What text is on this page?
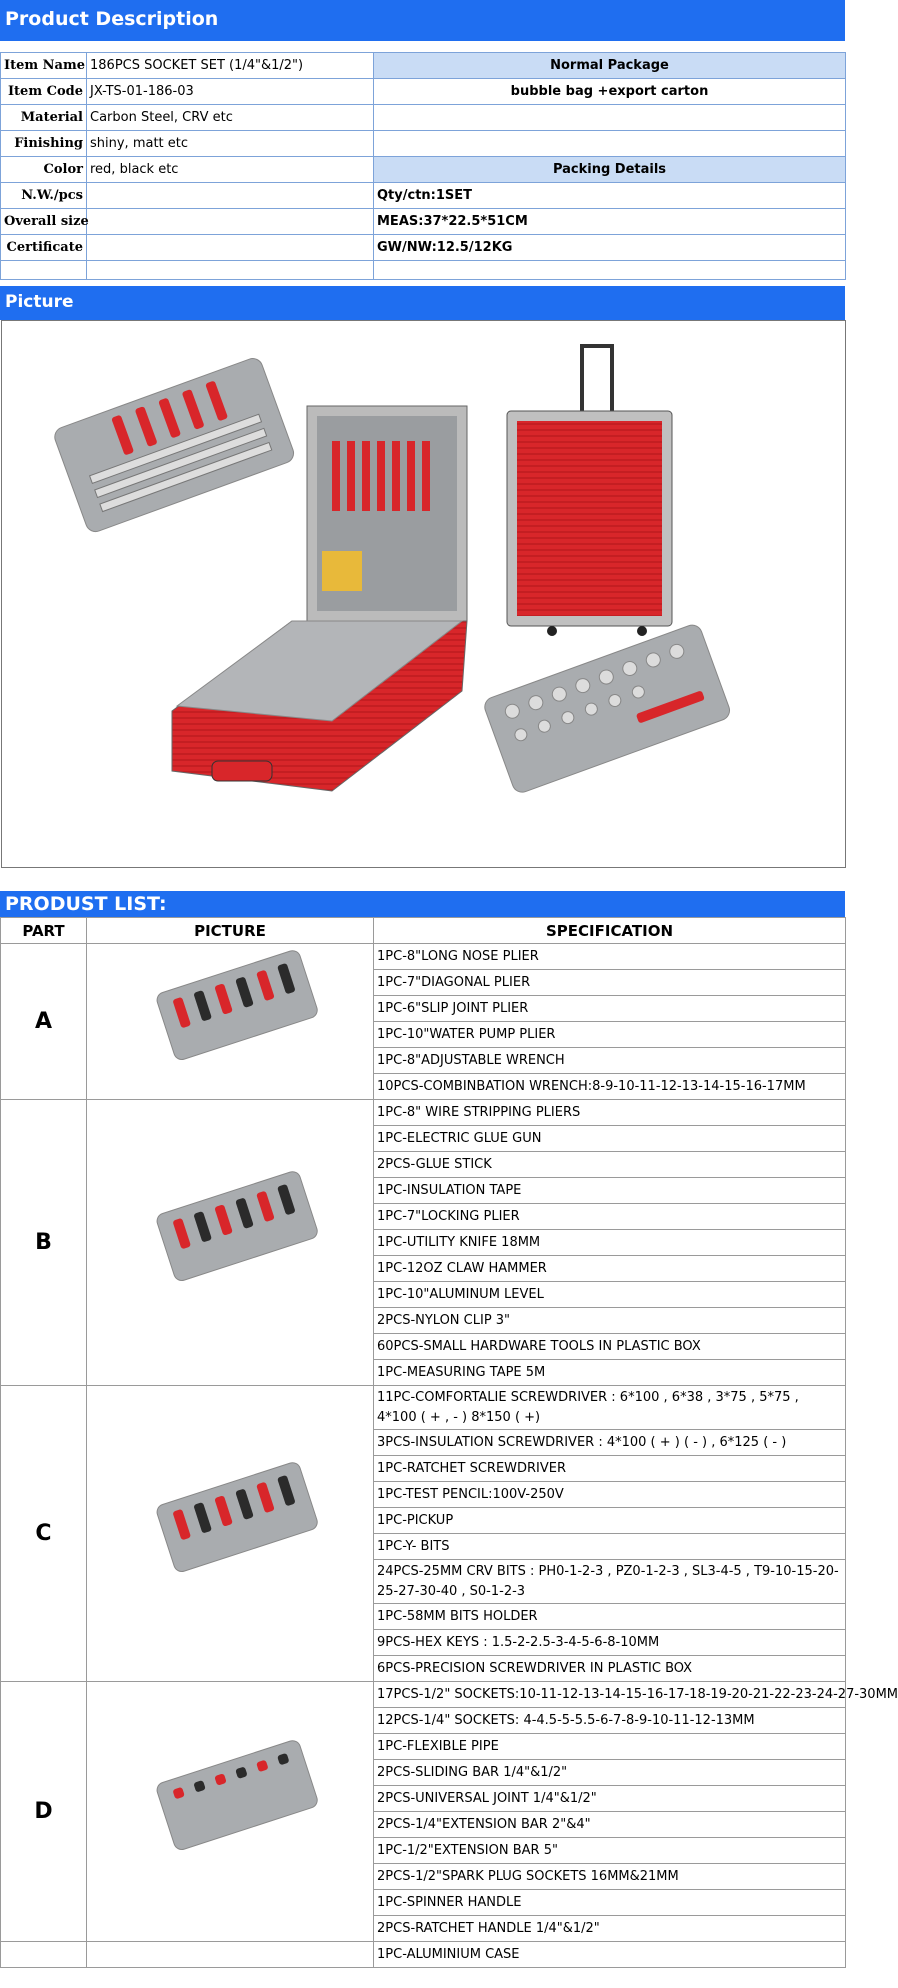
Product Description
Item Name	186PCS SOCKET SET (1/4"&1/2")	Normal Package
Item Code	JX-TS-01-186-03	bubble bag +export carton
Material	Carbon Steel, CRV etc	
Finishing	shiny, matt etc	
Color	red, black etc	Packing Details
N.W./pcs		Qty/ctn:1SET
Overall size		MEAS:37*22.5*51CM
Certificate		GW/NW:12.5/12KG

Picture
PRODUST LIST:
PART	PICTURE	SPECIFICATION
A		1PC-8"LONG NOSE PLIER
		1PC-7"DIAGONAL PLIER
		1PC-6"SLIP JOINT PLIER
		1PC-10"WATER PUMP PLIER
		1PC-8"ADJUSTABLE WRENCH
		10PCS-COMBINBATION WRENCH:8-9-10-11-12-13-14-15-16-17MM
B		1PC-8" WIRE STRIPPING PLIERS
		1PC-ELECTRIC GLUE GUN
		2PCS-GLUE STICK
		1PC-INSULATION TAPE
		1PC-7"LOCKING PLIER
		1PC-UTILITY KNIFE 18MM
		1PC-12OZ CLAW HAMMER
		1PC-10"ALUMINUM LEVEL
		2PCS-NYLON CLIP 3"
		60PCS-SMALL HARDWARE TOOLS IN PLASTIC BOX
		1PC-MEASURING TAPE 5M
C		11PC-COMFORTALIE SCREWDRIVER : 6*100 , 6*38 , 3*75 , 5*75 , 4*100 ( + , - ) 8*150 ( +)
		3PCS-INSULATION SCREWDRIVER : 4*100 ( + ) ( - ) , 6*125 ( - )
		1PC-RATCHET SCREWDRIVER
		1PC-TEST PENCIL:100V-250V
		1PC-PICKUP
		1PC-Y- BITS
		24PCS-25MM CRV BITS : PH0-1-2-3 , PZ0-1-2-3 , SL3-4-5 , T9-10-15-20-25-27-30-40 , S0-1-2-3
		1PC-58MM BITS HOLDER
		9PCS-HEX KEYS : 1.5-2-2.5-3-4-5-6-8-10MM
		6PCS-PRECISION SCREWDRIVER IN PLASTIC BOX
D		17PCS-1/2" SOCKETS:10-11-12-13-14-15-16-17-18-19-20-21-22-23-24-27-30MM
		12PCS-1/4" SOCKETS: 4-4.5-5-5.5-6-7-8-9-10-11-12-13MM
		1PC-FLEXIBLE PIPE
		2PCS-SLIDING BAR 1/4"&1/2"
		2PCS-UNIVERSAL JOINT 1/4"&1/2"
		2PCS-1/4"EXTENSION BAR 2"&4"
		1PC-1/2"EXTENSION BAR 5"
		2PCS-1/2"SPARK PLUG SOCKETS 16MM&21MM
		1PC-SPINNER HANDLE
		2PCS-RATCHET HANDLE 1/4"&1/2"
		1PC-ALUMINIUM CASE
